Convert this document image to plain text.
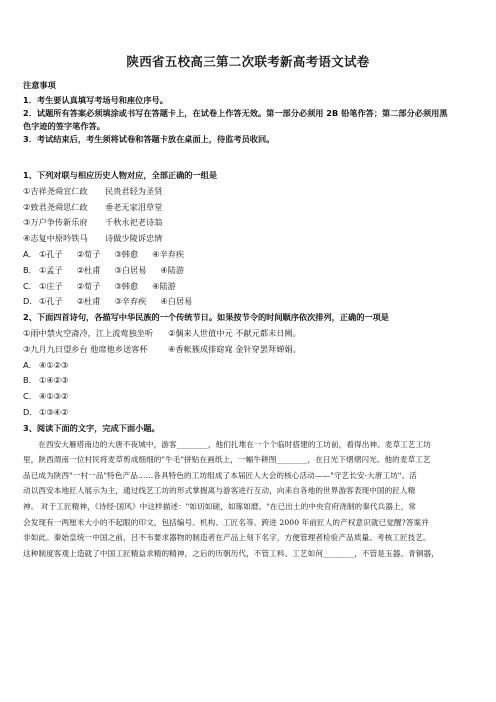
陕西省五校高三第二次联考新高考语文试卷

注意事项

1．考生要认真填写考场号和座位序号。

2．试题所有答案必须填涂或书写在答题卡上，在试卷上作答无效。第一部分必须用 2B 铅笔作答；第二部分必须用黑

色字迹的签字笔作答。

3．考试结束后，考生须将试卷和答题卡放在桌面上，待监考员收回。

1、下列对联与相应历史人物对应，全部正确的一组是

①吉祥尧舜宣仁政	民贵君轻为圣贤
②致君尧舜思仁政	垂老无家泪草堂
③万户争传新乐府	千秋永祀老诗翁
④志复中原吟铁马	诗做少陵诉忠情
A． ①孔子 ②荀子 ③韩愈 ④辛弃疾
B． ①孟子 ②杜甫 ③白居易 ④陆游
C． ①庄子 ②荀子 ③韩愈 ④陆游
D． ①孔子 ②杜甫 ③辛弃疾 ④白居易

2、下面四首诗句，各描写中华民族的一个传统节日。如果按节令的时间顺序依次排列，正确的一项是

①雨中禁火空斋冷，江上流莺独坐听	②偶来人世值中元 不献元都未日阙。
③九月九日望乡台 他席他乡送客杯	④香帐簇成排窈窕 金针穿罢拜婵娟。
A． ④①②③
B． ①④②③
C． ④①③②
D． ①③④②

3、阅读下面的文字，完成下面小题。

在西安大雁塔南边的大唐不夜城中，游客________，他们扎堆在一个个临时搭建的工坊前，看得出神。麦草工艺工坊

里，陕西渭南一位村民将麦草剪成细细的"牛毛"拼贴在画纸上，一幅牛耕图________，在日光下熠熠闪光。他的麦草工艺

品已成为陕西"一村一品"特色产品……各具特色的工坊组成了本届匠人大会的核心活动——"守艺长安·大唐工坊"。活

动以西安本地匠人展示为主，通过线艺工坊的形式掌握离与游客进行互动，向来自各地的世界游客表现中国的匠人精

神。 对于工匠精神，《诗经·国风》中这样描述："如切如磋，如琢如磨。"在已出土的中央官府浇制的秦代兵器上，常

会发现有一两厘米大小的不起眼的印文，包括编号、机构、工匠名等。跨进 2000 年前匠人的产权意识就已觉醒?答案并

非如此。秦始皇统一中国之前，吕不韦要求器物的制造者在产品上刻下名字，方便管理者检验产品质量、考核工匠技艺。

这种制度客观上造就了中国工匠精益求精的精神，之后的历朝历代，不管工料、工艺如何________，不管是玉器、青铜器，
